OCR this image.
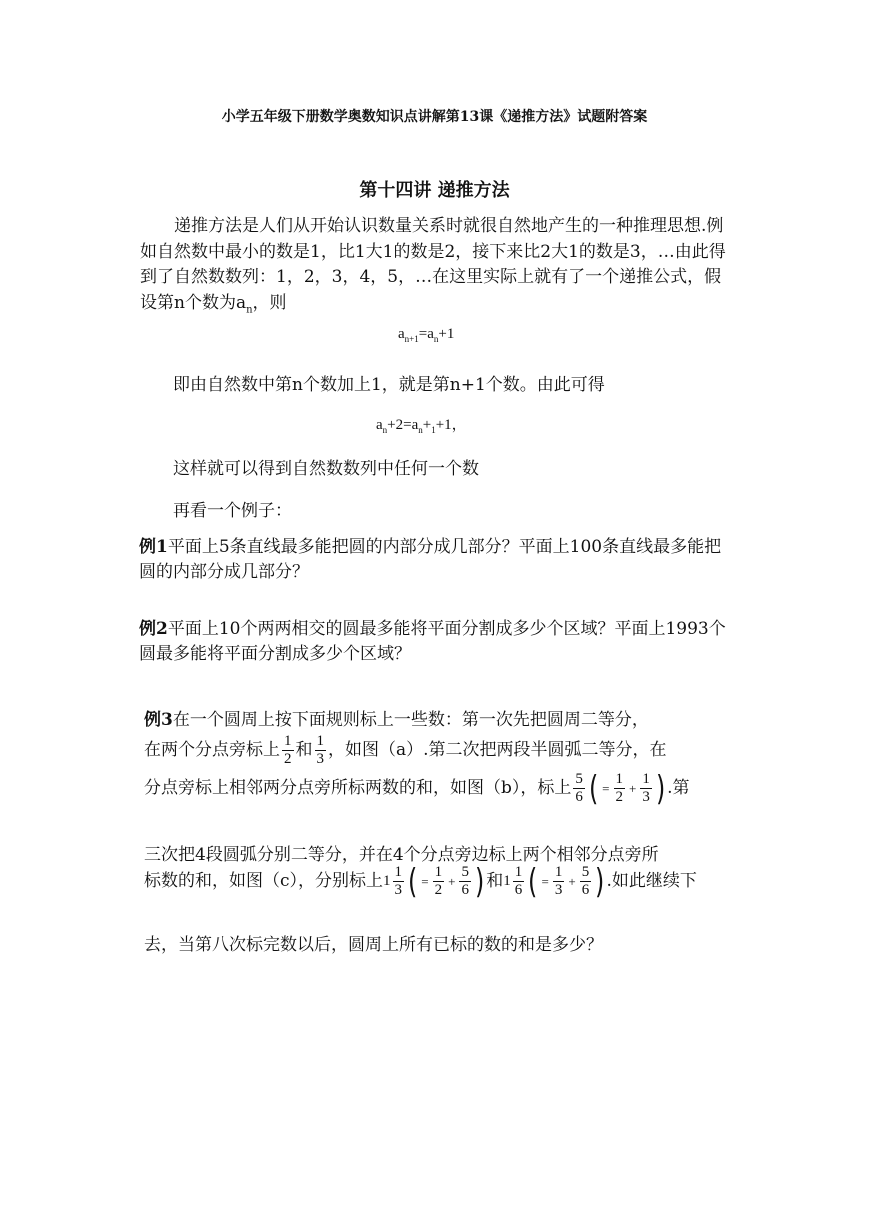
小学五年级下册数学奥数知识点讲解第13课《递推方法》试题附答案
第十四讲 递推方法

递推方法是人们从开始认识数量关系时就很自然地产生的一种推理思想.例

如自然数中最小的数是1，比1大1的数是2，接下来比2大1的数是3，…由此得

到了自然数数列：1，2，3，4，5，…在这里实际上就有了一个递推公式，假

设第n个数为$a_n$，则

$a_{n+1}=a_n+1$
即由自然数中第n个数加上1，就是第n+1个数。由此可得
$a_n+2=a_n+_1+1$，
这样就可以得到自然数数列中任何一个数
再看一个例子：

例1平面上5条直线最多能把圆的内部分成几部分？平面上100条直线最多能把

圆的内部分成几部分？

例2平面上10个两两相交的圆最多能将平面分割成多少个区域？平面上1993个

圆最多能将平面分割成多少个区域？

例3在一个圆周上按下面规则标上一些数：第一次先把圆周二等分，
在两个分点旁标上 $\frac{1}{2}$ 和 $\frac{1}{3}$ ，如图（a）.第二次把两段半圆弧二等分，在
分点旁标上相邻两分点旁所标两数的和，如图（b），标上 $\frac{5}{6}$ ( = $\frac{1}{2} + \frac{1}{3}$ ) .第
三次把4段圆弧分别二等分，并在4个分点旁边标上两个相邻分点旁所
标数的和，如图（c），分别标上$1 \frac{1}{3}$ ( = $\frac{1}{2} + \frac{5}{6}$ ) 和$1 \frac{1}{6}$ ( = $\frac{1}{3} + \frac{5}{6}$ ) .如此继续下
去，当第八次标完数以后，圆周上所有已标的数的和是多少？
